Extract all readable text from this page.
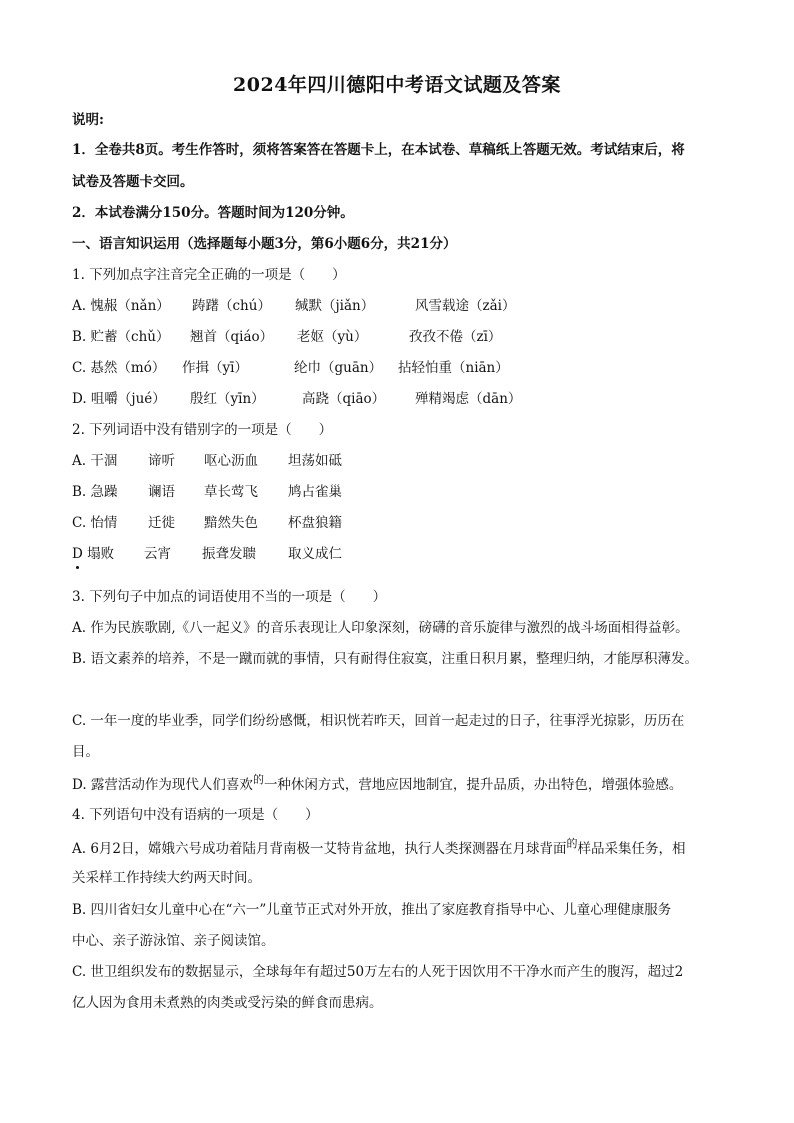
2024年四川德阳中考语文试题及答案
说明:
1．全卷共8页。考生作答时，须将答案答在答题卡上，在本试卷、草稿纸上答题无效。考试结束后，将
试卷及答题卡交回。
2．本试卷满分150分。答题时间为120分钟。
一、语言知识运用（选择题每小题3分，第6小题6分，共21分）
1. 下列加点字注音完全正确的一项是（　　）
A. 愧赧（nǎn）	踌躇（chú）	缄默（jiǎn）	风雪载途（zǎi）
B. 贮蓄（chǔ）	翘首（qiáo）	老妪（yù）	孜孜不倦（zī）
C. 惎然（mó）	作揖（yī）	纶巾（guān）	拈轻怕重（niān）
D. 咀嚼（jué）	殷红（yīn）	高跷（qiāo）	殚精竭虑（dān）
2. 下列词语中没有错别字的一项是（　　）
A. 干涸	谛听	呕心沥血	坦荡如砥
B. 急躁	谰语	草长莺飞	鸠占雀巢
C. 怡情	迁徙	黯然失色	杯盘狼籍
D 塌败	云宵	振聋发聩	取义成仁
3. 下列句子中加点的词语使用不当的一项是（　　）
A. 作为民族歌剧,《八一起义》的音乐表现让人印象深刻，磅礴的音乐旋律与激烈的战斗场面相得益彰。
B. 语文素养的培养，不是一蹴而就的事情，只有耐得住寂寞，注重日积月累，整理归纳，才能厚积薄发。
C. 一年一度的毕业季，同学们纷纷感慨，相识恍若昨天，回首一起走过的日子，往事浮光掠影，历历在
目。
D. 露营活动作为现代人们喜欢$^的$一种休闲方式，营地应因地制宜，提升品质，办出特色，增强体验感。
4. 下列语句中没有语病的一项是（　　）
A. 6月2日，嫦娥六号成功着陆月背南极一艾特肯盆地，执行人类探测器在月球背面$^的$样品采集任务，相
关采样工作持续大约两天时间。
B. 四川省妇女儿童中心在“六一”儿童节正式对外开放，推出了家庭教育指导中心、儿童心理健康服务
中心、亲子游泳馆、亲子阅读馆。
C. 世卫组织发布的数据显示，全球每年有超过50万左右的人死于因饮用不干净水而产生的腹泻，超过2
亿人因为食用未煮熟的肉类或受污染的鲜食而患病。
